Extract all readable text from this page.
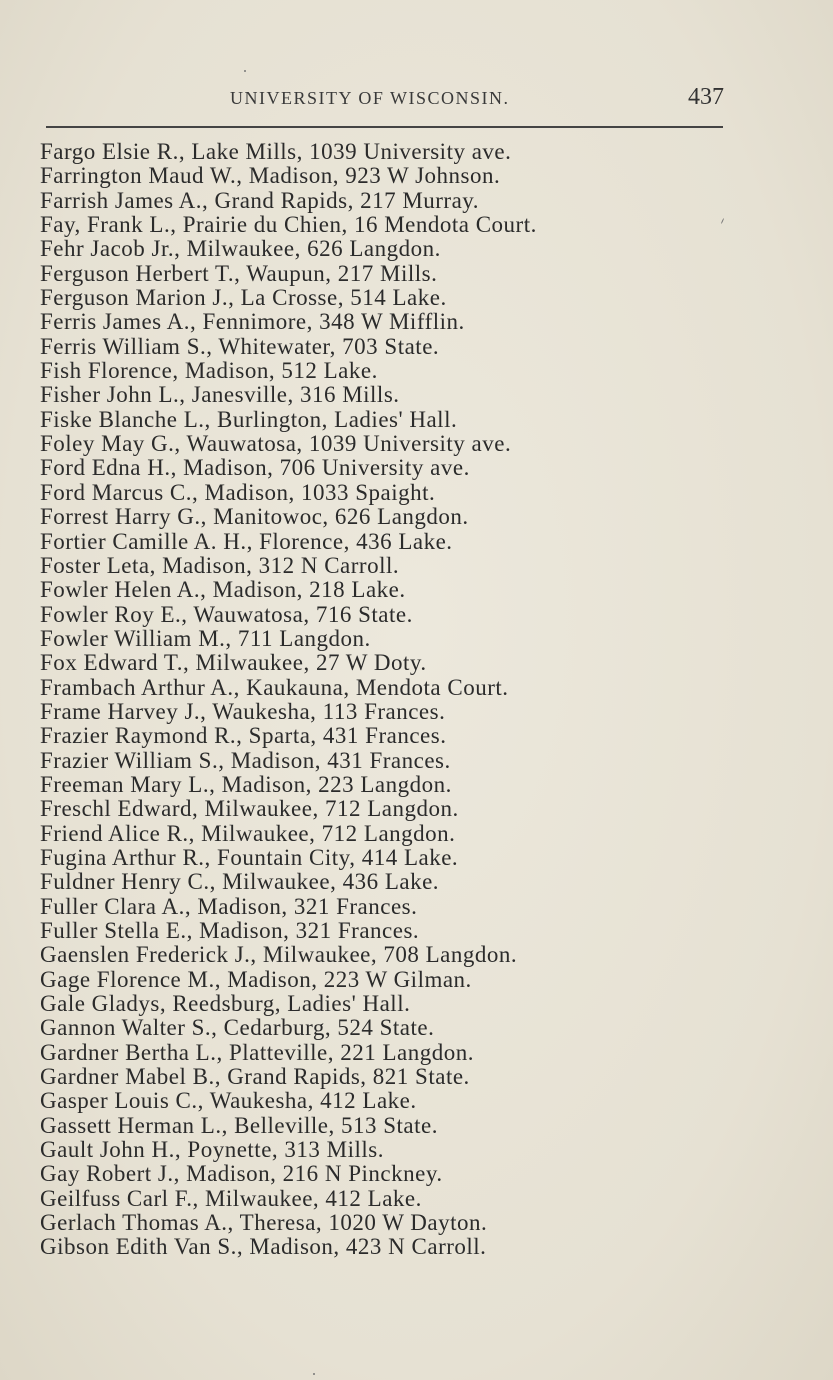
UNIVERSITY OF WISCONSIN.	437
Fargo Elsie R., Lake Mills, 1039 University ave.
Farrington Maud W., Madison, 923 W Johnson.
Farrish James A., Grand Rapids, 217 Murray.
Fay, Frank L., Prairie du Chien, 16 Mendota Court.
Fehr Jacob Jr., Milwaukee, 626 Langdon.
Ferguson Herbert T., Waupun, 217 Mills.
Ferguson Marion J., La Crosse, 514 Lake.
Ferris James A., Fennimore, 348 W Mifflin.
Ferris William S., Whitewater, 703 State.
Fish Florence, Madison, 512 Lake.
Fisher John L., Janesville, 316 Mills.
Fiske Blanche L., Burlington, Ladies' Hall.
Foley May G., Wauwatosa, 1039 University ave.
Ford Edna H., Madison, 706 University ave.
Ford Marcus C., Madison, 1033 Spaight.
Forrest Harry G., Manitowoc, 626 Langdon.
Fortier Camille A. H., Florence, 436 Lake.
Foster Leta, Madison, 312 N Carroll.
Fowler Helen A., Madison, 218 Lake.
Fowler Roy E., Wauwatosa, 716 State.
Fowler William M., 711 Langdon.
Fox Edward T., Milwaukee, 27 W Doty.
Frambach Arthur A., Kaukauna, Mendota Court.
Frame Harvey J., Waukesha, 113 Frances.
Frazier Raymond R., Sparta, 431 Frances.
Frazier William S., Madison, 431 Frances.
Freeman Mary L., Madison, 223 Langdon.
Freschl Edward, Milwaukee, 712 Langdon.
Friend Alice R., Milwaukee, 712 Langdon.
Fugina Arthur R., Fountain City, 414 Lake.
Fuldner Henry C., Milwaukee, 436 Lake.
Fuller Clara A., Madison, 321 Frances.
Fuller Stella E., Madison, 321 Frances.
Gaenslen Frederick J., Milwaukee, 708 Langdon.
Gage Florence M., Madison, 223 W Gilman.
Gale Gladys, Reedsburg, Ladies' Hall.
Gannon Walter S., Cedarburg, 524 State.
Gardner Bertha L., Platteville, 221 Langdon.
Gardner Mabel B., Grand Rapids, 821 State.
Gasper Louis C., Waukesha, 412 Lake.
Gassett Herman L., Belleville, 513 State.
Gault John H., Poynette, 313 Mills.
Gay Robert J., Madison, 216 N Pinckney.
Geilfuss Carl F., Milwaukee, 412 Lake.
Gerlach Thomas A., Theresa, 1020 W Dayton.
Gibson Edith Van S., Madison, 423 N Carroll.
